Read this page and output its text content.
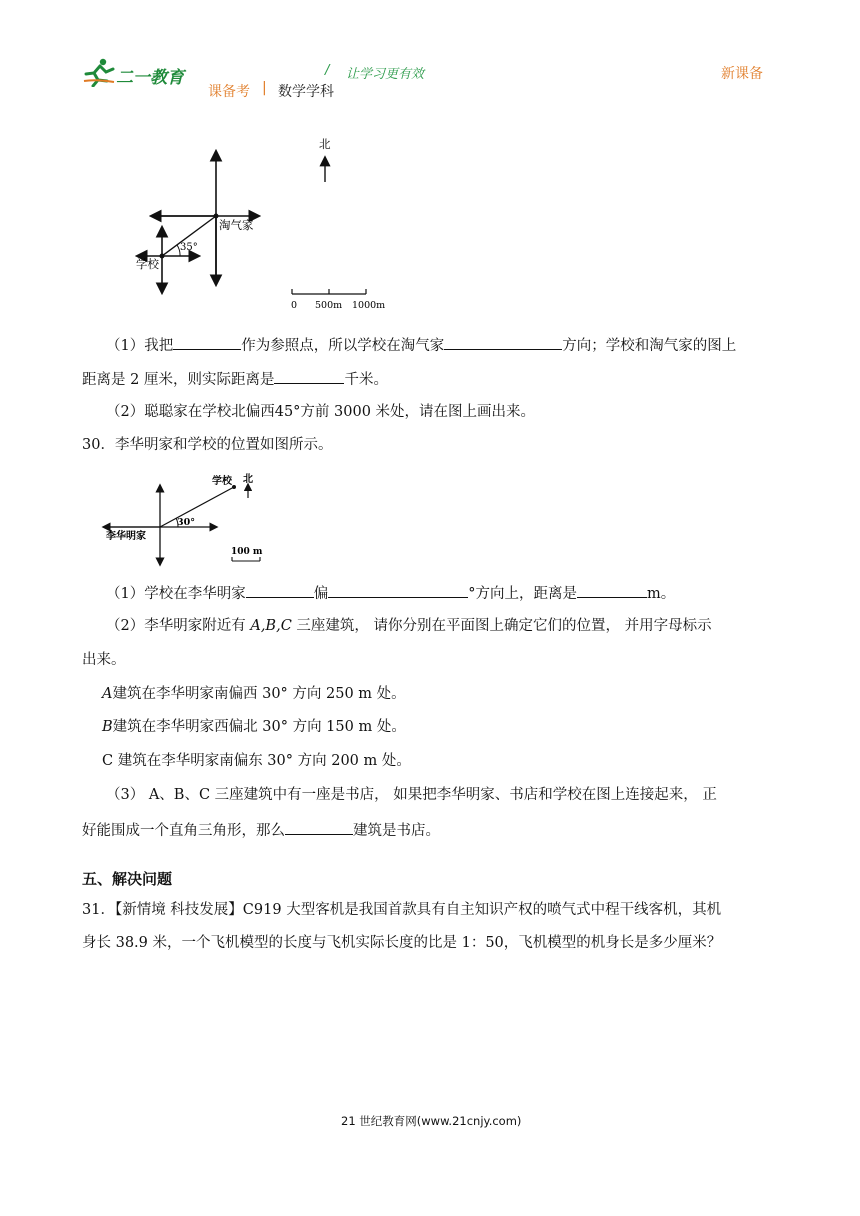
二一教育	/ 让学习更有效	新课备
课备考 | 数学学科
35°
淘气家
学校
北
0 500m 1000m
（1）我把	作为参照点，所以学校在淘气家	方向；学校和淘气家的图上
距离是 2 厘米，则实际距离是	千米。
（2）聪聪家在学校北偏西45°方前 3000 米处，请在图上画出来。
30．李华明家和学校的位置如图所示。
30°
学校 北
李华明家
100 m
（1）学校在李华明家	偏	°方向上，距离是	m。
（2）李华明家附近有 A,B,C 三座建筑， 请你分别在平面图上确定它们的位置， 并用字母标示
出来。
A建筑在李华明家南偏西 30° 方向 250 m 处。
B建筑在李华明家西偏北 30° 方向 150 m 处。
C 建筑在李华明家南偏东 30° 方向 200 m 处。
（3） A、B、C 三座建筑中有一座是书店， 如果把李华明家、书店和学校在图上连接起来， 正
好能围成一个直角三角形，那么	建筑是书店。
五、解决问题
31．【新情境 科技发展】C919 大型客机是我国首款具有自主知识产权的喷气式中程干线客机，其机
身长 38.9 米，一个飞机模型的长度与飞机实际长度的比是 1：50，飞机模型的机身长是多少厘米？
21 世纪教育网(www.21cnjy.com)
